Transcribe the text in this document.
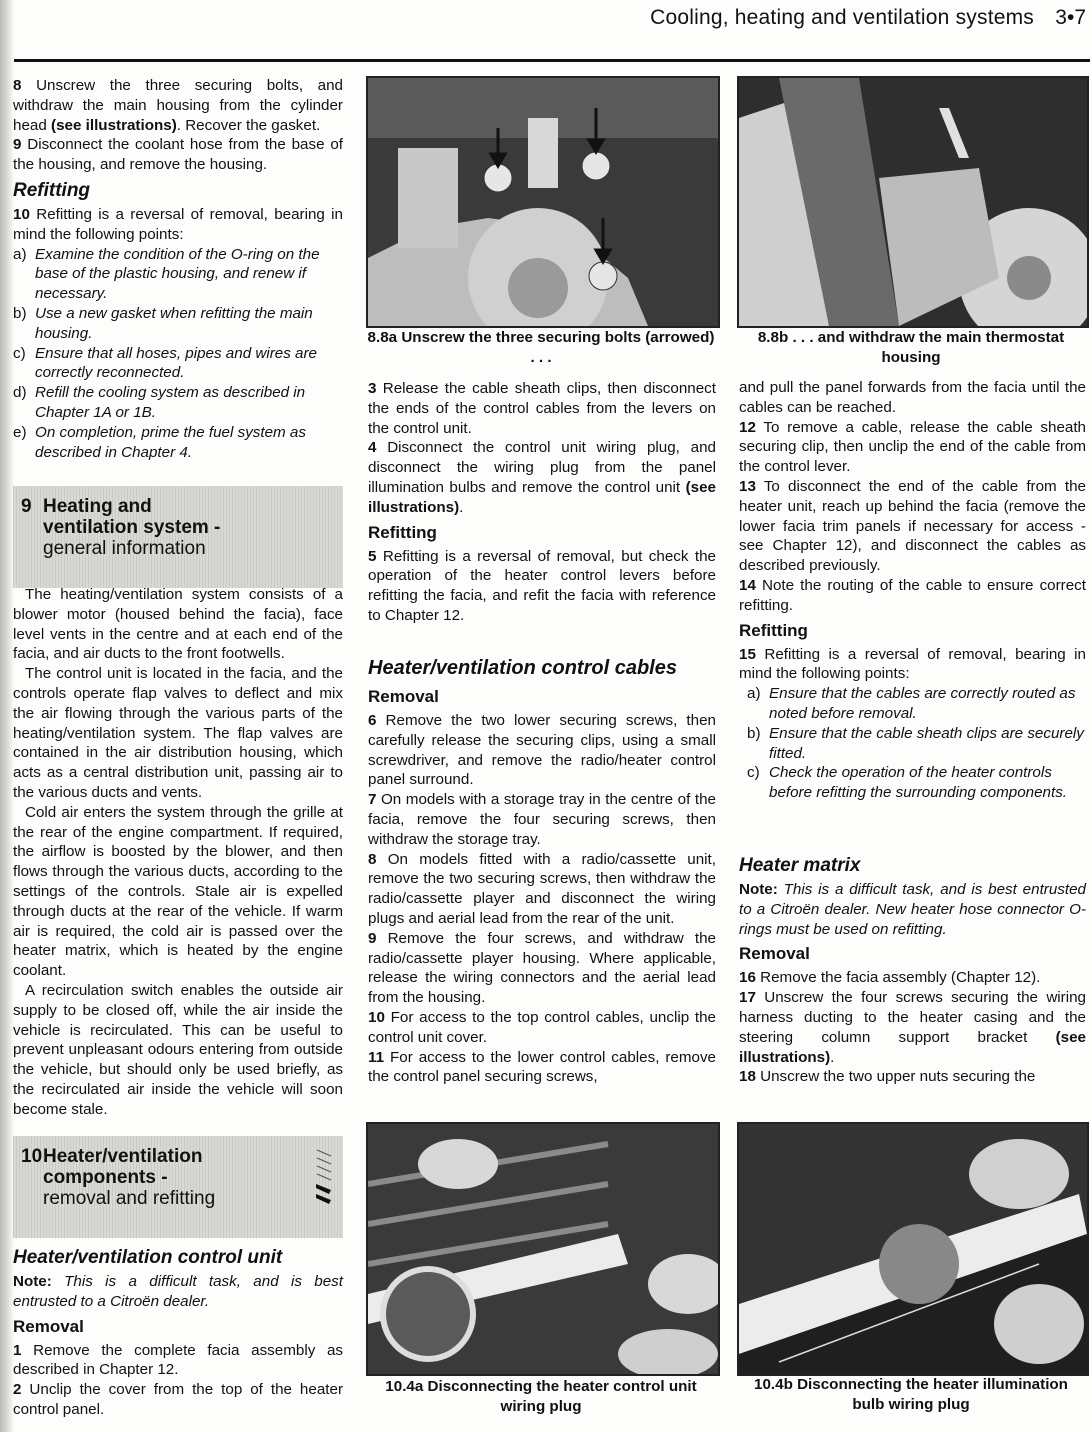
Cooling, heating and ventilation systems 3•7

8 Unscrew the three securing bolts, and withdraw the main housing from the cylinder head (see illustrations). Recover the gasket.

9 Disconnect the coolant hose from the base of the housing, and remove the housing.

Refitting

10 Refitting is a reversal of removal, bearing in mind the following points:

a) Examine the condition of the O-ring on the base of the plastic housing, and renew if necessary.

b) Use a new gasket when refitting the main housing.

c) Ensure that all hoses, pipes and wires are correctly reconnected.

d) Refill the cooling system as described in Chapter 1A or 1B.

e) On completion, prime the fuel system as described in Chapter 4.

9 Heating and
ventilation system -
general information

The heating/ventilation system consists of a blower motor (housed behind the facia), face level vents in the centre and at each end of the facia, and air ducts to the front footwells.

The control unit is located in the facia, and the controls operate flap valves to deflect and mix the air flowing through the various parts of the heating/ventilation system. The flap valves are contained in the air distribution housing, which acts as a central distribution unit, passing air to the various ducts and vents.

Cold air enters the system through the grille at the rear of the engine compartment. If required, the airflow is boosted by the blower, and then flows through the various ducts, according to the settings of the controls. Stale air is expelled through ducts at the rear of the vehicle. If warm air is required, the cold air is passed over the heater matrix, which is heated by the engine coolant.

A recirculation switch enables the outside air supply to be closed off, while the air inside the vehicle is recirculated. This can be useful to prevent unpleasant odours entering from outside the vehicle, but should only be used briefly, as the recirculated air inside the vehicle will soon become stale.

10 Heater/ventilation
components -
removal and refitting

Heater/ventilation control unit

Note: This is a difficult task, and is best entrusted to a Citroën dealer.

Removal

1 Remove the complete facia assembly as described in Chapter 12.

2 Unclip the cover from the top of the heater control panel.

8.8a Unscrew the three securing bolts (arrowed) . . .
8.8b . . . and withdraw the main thermostat housing
10.4a Disconnecting the heater control unit wiring plug
10.4b Disconnecting the heater illumination bulb wiring plug

3 Release the cable sheath clips, then disconnect the ends of the control cables from the levers on the control unit.

4 Disconnect the control unit wiring plug, and disconnect the wiring plug from the panel illumination bulbs and remove the control unit (see illustrations).

Refitting

5 Refitting is a reversal of removal, but check the operation of the heater control levers before refitting the facia, and refit the facia with reference to Chapter 12.

Heater/ventilation control cables

Removal

6 Remove the two lower securing screws, then carefully release the securing clips, using a small screwdriver, and remove the radio/heater control panel surround.

7 On models with a storage tray in the centre of the facia, remove the four securing screws, then withdraw the storage tray.

8 On models fitted with a radio/cassette unit, remove the two securing screws, then withdraw the radio/cassette player and disconnect the wiring plugs and aerial lead from the rear of the unit.

9 Remove the four screws, and withdraw the radio/cassette player housing. Where applicable, release the wiring connectors and the aerial lead from the housing.

10 For access to the top control cables, unclip the control unit cover.

11 For access to the lower control cables, remove the control panel securing screws,

and pull the panel forwards from the facia until the cables can be reached.

12 To remove a cable, release the cable sheath securing clip, then unclip the end of the cable from the control lever.

13 To disconnect the end of the cable from the heater unit, reach up behind the facia (remove the lower facia trim panels if necessary for access - see Chapter 12), and disconnect the cables as described previously.

14 Note the routing of the cable to ensure correct refitting.

Refitting

15 Refitting is a reversal of removal, bearing in mind the following points:

a) Ensure that the cables are correctly routed as noted before removal.

b) Ensure that the cable sheath clips are securely fitted.

c) Check the operation of the heater controls before refitting the surrounding components.

Heater matrix

Note: This is a difficult task, and is best entrusted to a Citroën dealer. New heater hose connector O-rings must be used on refitting.

Removal

16 Remove the facia assembly (Chapter 12).

17 Unscrew the four screws securing the wiring harness ducting to the heater casing and the steering column support bracket (see illustrations).

18 Unscrew the two upper nuts securing the
